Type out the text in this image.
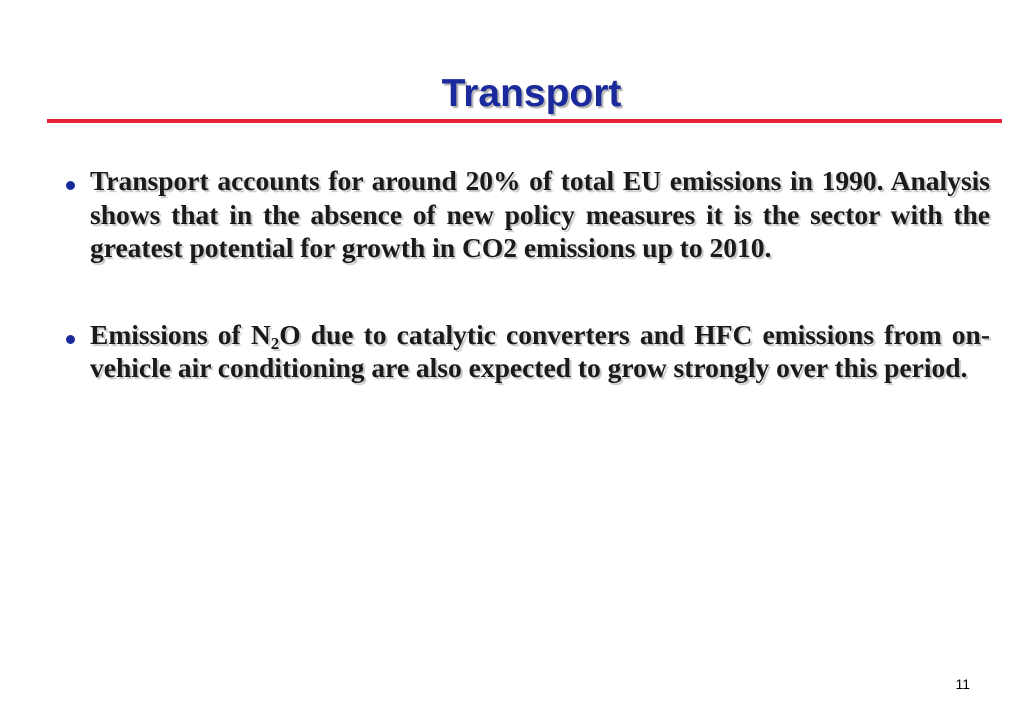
Transport
Transport accounts for around 20% of total EU emissions in 1990. Analysis shows that in the absence of new policy measures it is the sector with the greatest potential for growth in CO2 emissions up to 2010.
Emissions of $N_2O$ due to catalytic converters and HFC emissions from on-vehicle air conditioning are also expected to grow strongly over this period.
11
